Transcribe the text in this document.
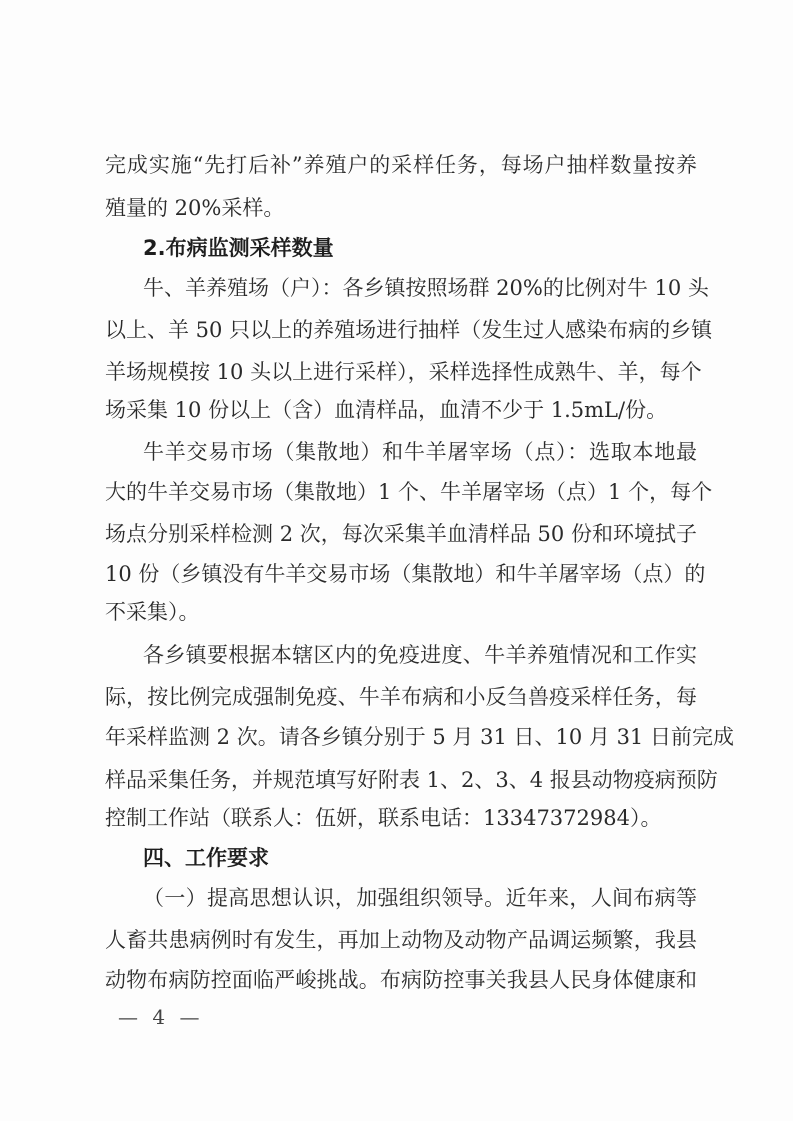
完成实施“先打后补”养殖户的采样任务，每场户抽样数量按养
殖量的 20%采样。
2.布病监测采样数量
牛、羊养殖场（户）：各乡镇按照场群 20%的比例对牛 10 头
以上、羊 50 只以上的养殖场进行抽样（发生过人感染布病的乡镇
羊场规模按 10 头以上进行采样），采样选择性成熟牛、羊，每个
场采集 10 份以上（含）血清样品，血清不少于 1.5mL/份。
牛羊交易市场（集散地）和牛羊屠宰场（点）：选取本地最
大的牛羊交易市场（集散地）1 个、牛羊屠宰场（点）1 个，每个
场点分别采样检测 2 次，每次采集羊血清样品 50 份和环境拭子
10 份（乡镇没有牛羊交易市场（集散地）和牛羊屠宰场（点）的
不采集）。
各乡镇要根据本辖区内的免疫进度、牛羊养殖情况和工作实
际，按比例完成强制免疫、牛羊布病和小反刍兽疫采样任务，每
年采样监测 2 次。请各乡镇分别于 5 月 31 日、10 月 31 日前完成
样品采集任务，并规范填写好附表 1、2、3、4 报县动物疫病预防
控制工作站（联系人：伍妍，联系电话：13347372984）。
四、工作要求
（一）提高思想认识，加强组织领导。近年来，人间布病等
人畜共患病例时有发生，再加上动物及动物产品调运频繁，我县
动物布病防控面临严峻挑战。布病防控事关我县人民身体健康和
— 4 —
